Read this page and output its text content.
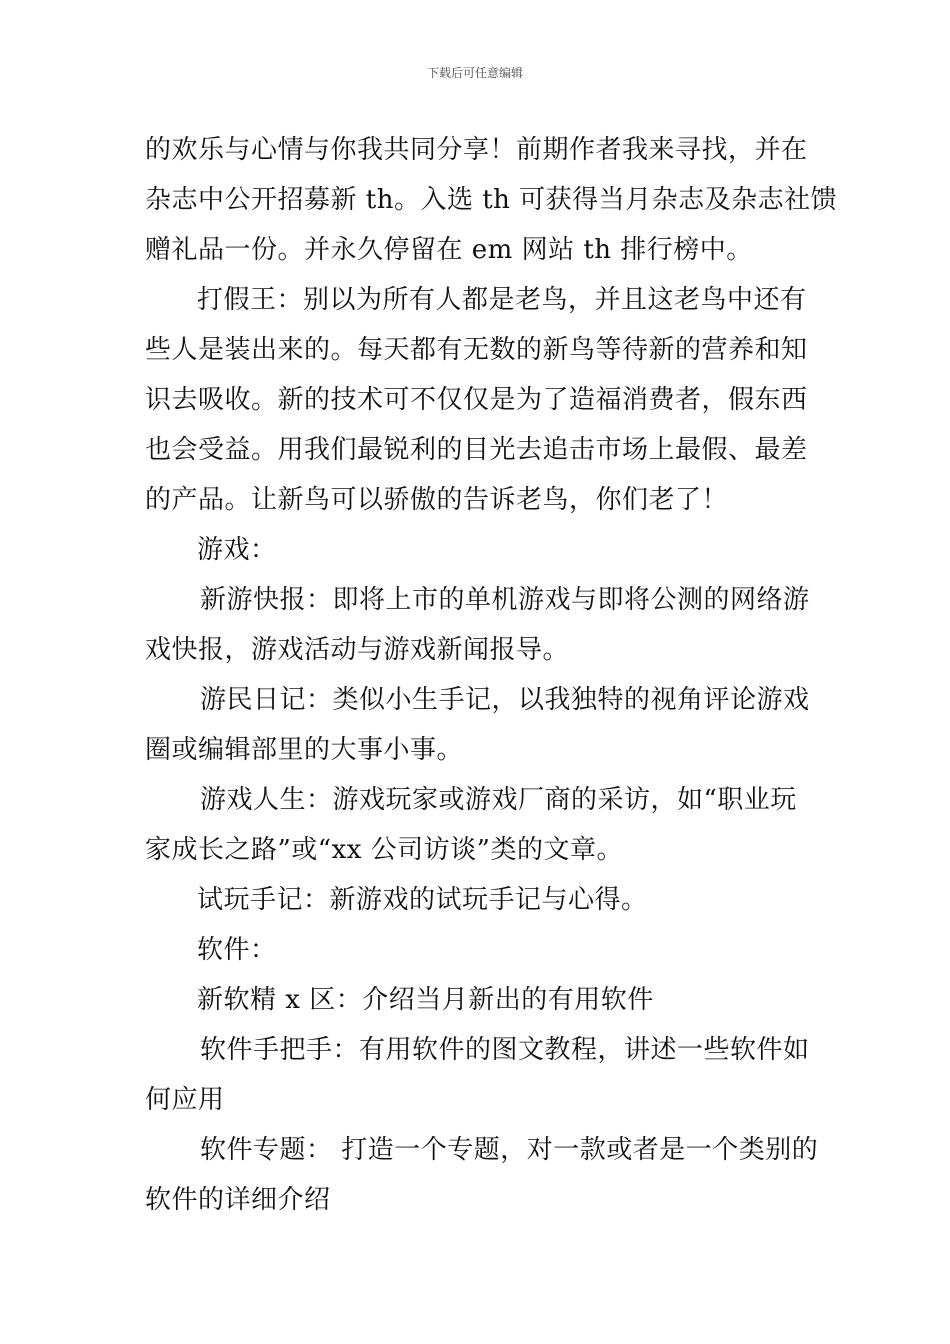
下载后可任意编辑

的欢乐与心情与你我共同分享！前期作者我来寻找，并在
杂志中公开招募新 th。入选 th 可获得当月杂志及杂志社馈
赠礼品一份。并永久停留在 em 网站 th 排行榜中。

打假王：别以为所有人都是老鸟，并且这老鸟中还有
些人是装出来的。每天都有无数的新鸟等待新的营养和知
识去吸收。新的技术可不仅仅是为了造福消费者，假东西
也会受益。用我们最锐利的目光去追击市场上最假、最差
的产品。让新鸟可以骄傲的告诉老鸟，你们老了！

游戏：

新游快报：即将上市的单机游戏与即将公测的网络游
戏快报，游戏活动与游戏新闻报导。

游民日记：类似小生手记，以我独特的视角评论游戏
圈或编辑部里的大事小事。

游戏人生：游戏玩家或游戏厂商的采访，如“职业玩
家成长之路”或“xx 公司访谈”类的文章。

试玩手记：新游戏的试玩手记与心得。

软件：

新软精 x 区：介绍当月新出的有用软件

软件手把手：有用软件的图文教程，讲述一些软件如
何应用

软件专题： 打造一个专题，对一款或者是一个类别的
软件的详细介绍
